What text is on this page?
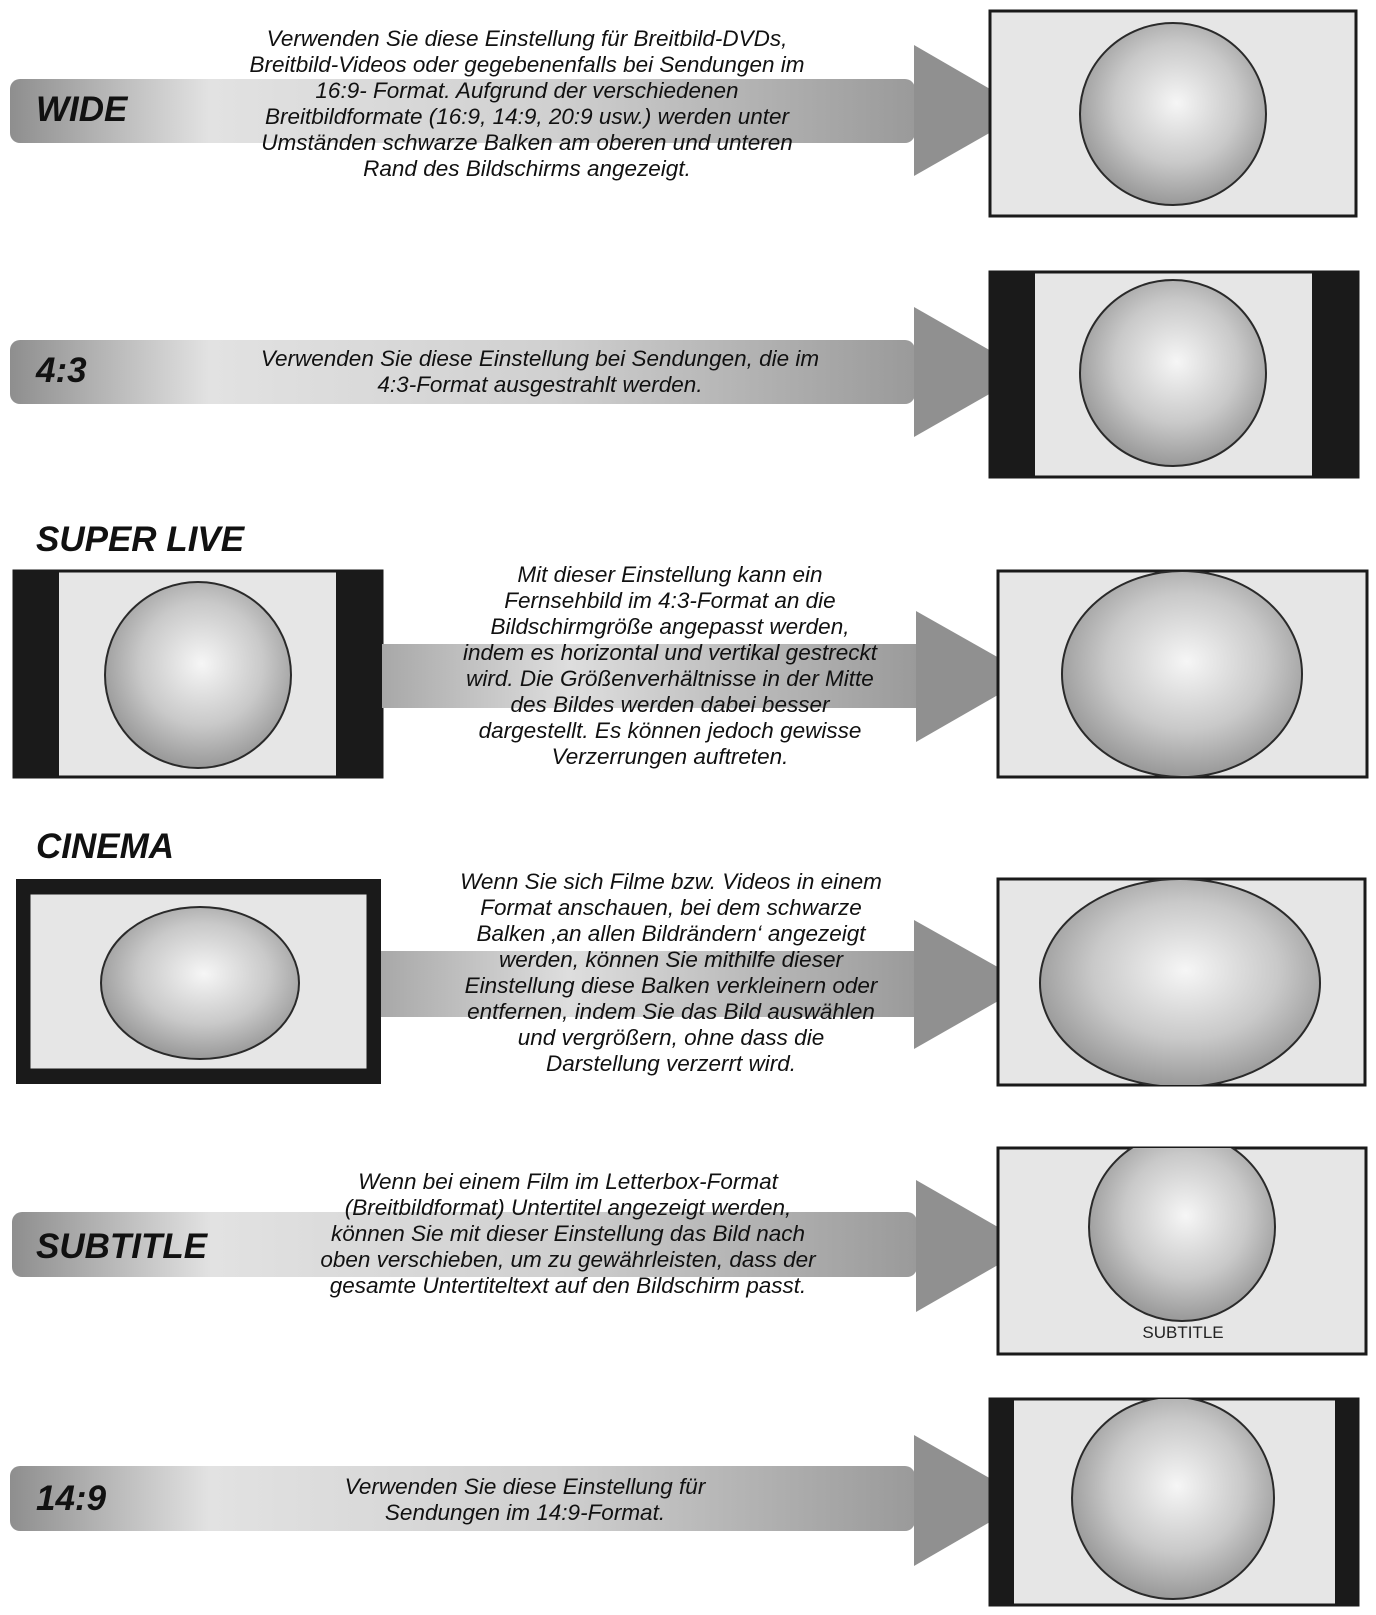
WIDE

Verwenden Sie diese Einstellung für Breitbild-DVDs, Breitbild-Videos oder gegebenenfalls bei Sendungen im 16:9- Format. Aufgrund der verschiedenen Breitbildformate (16:9, 14:9, 20:9 usw.) werden unter Umständen schwarze Balken am oberen und unteren Rand des Bildschirms angezeigt.

4:3	Verwenden Sie diese Einstellung bei Sendungen, die im 4:3-Format ausgestrahlt werden.

SUPER LIVE

Mit dieser Einstellung kann ein Fernsehbild im 4:3-Format an die Bildschirmgröße angepasst werden, indem es horizontal und vertikal gestreckt wird. Die Größenverhältnisse in der Mitte des Bildes werden dabei besser dargestellt. Es können jedoch gewisse Verzerrungen auftreten.

CINEMA

Wenn Sie sich Filme bzw. Videos in einem Format anschauen, bei dem schwarze Balken ‚an allen Bildrändern‘ angezeigt werden, können Sie mithilfe dieser Einstellung diese Balken verkleinern oder entfernen, indem Sie das Bild auswählen und vergrößern, ohne dass die Darstellung verzerrt wird.

SUBTITLE

Wenn bei einem Film im Letterbox-Format (Breitbildformat) Untertitel angezeigt werden, können Sie mit dieser Einstellung das Bild nach oben verschieben, um zu gewährleisten, dass der gesamte Untertiteltext auf den Bildschirm passt.

SUBTITLE

14:9	Verwenden Sie diese Einstellung für Sendungen im 14:9-Format.
